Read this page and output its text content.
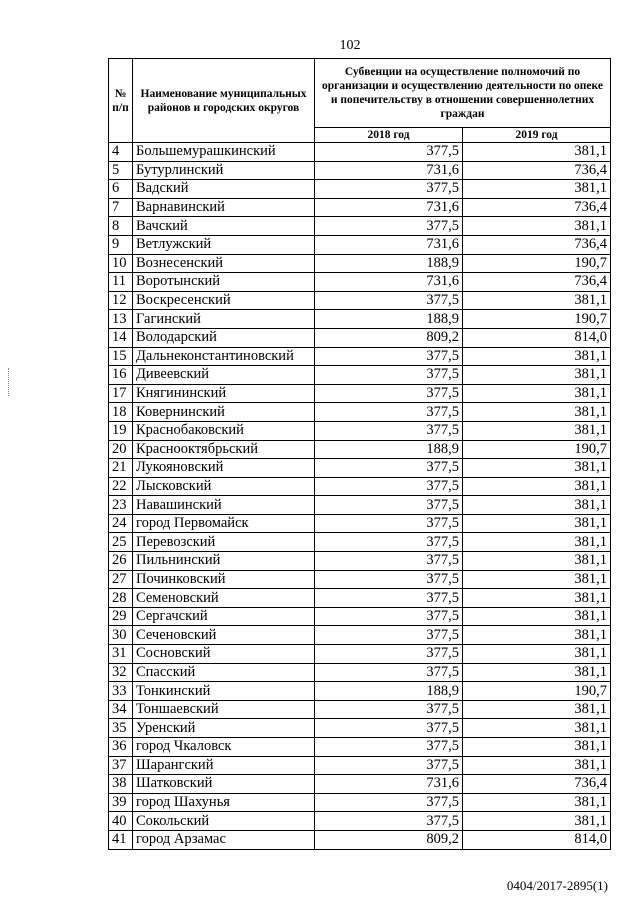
102
№ п/п	Наименование муниципальных районов и городских округов	Субвенции на осуществление полномочий по организации и осуществлению деятельности по опеке и попечительству в отношении совершеннолетних граждан	
		2018 год	2019 год
4	Большемурашкинский	377,5	381,1
5	Бутурлинский	731,6	736,4
6	Вадский	377,5	381,1
7	Варнавинский	731,6	736,4
8	Вачский	377,5	381,1
9	Ветлужский	731,6	736,4
10	Вознесенский	188,9	190,7
11	Воротынский	731,6	736,4
12	Воскресенский	377,5	381,1
13	Гагинский	188,9	190,7
14	Володарский	809,2	814,0
15	Дальнеконстантиновский	377,5	381,1
16	Дивеевский	377,5	381,1
17	Княгининский	377,5	381,1
18	Ковернинский	377,5	381,1
19	Краснобаковский	377,5	381,1
20	Краснооктябрьский	188,9	190,7
21	Лукояновский	377,5	381,1
22	Лысковский	377,5	381,1
23	Навашинский	377,5	381,1
24	город Первомайск	377,5	381,1
25	Перевозский	377,5	381,1
26	Пильнинский	377,5	381,1
27	Починковский	377,5	381,1
28	Семеновский	377,5	381,1
29	Сергачский	377,5	381,1
30	Сеченовский	377,5	381,1
31	Сосновский	377,5	381,1
32	Спасский	377,5	381,1
33	Тонкинский	188,9	190,7
34	Тоншаевский	377,5	381,1
35	Уренский	377,5	381,1
36	город Чкаловск	377,5	381,1
37	Шарангский	377,5	381,1
38	Шатковский	731,6	736,4
39	город Шахунья	377,5	381,1
40	Сокольский	377,5	381,1
41	город Арзамас	809,2	814,0
0404/2017-2895(1)
